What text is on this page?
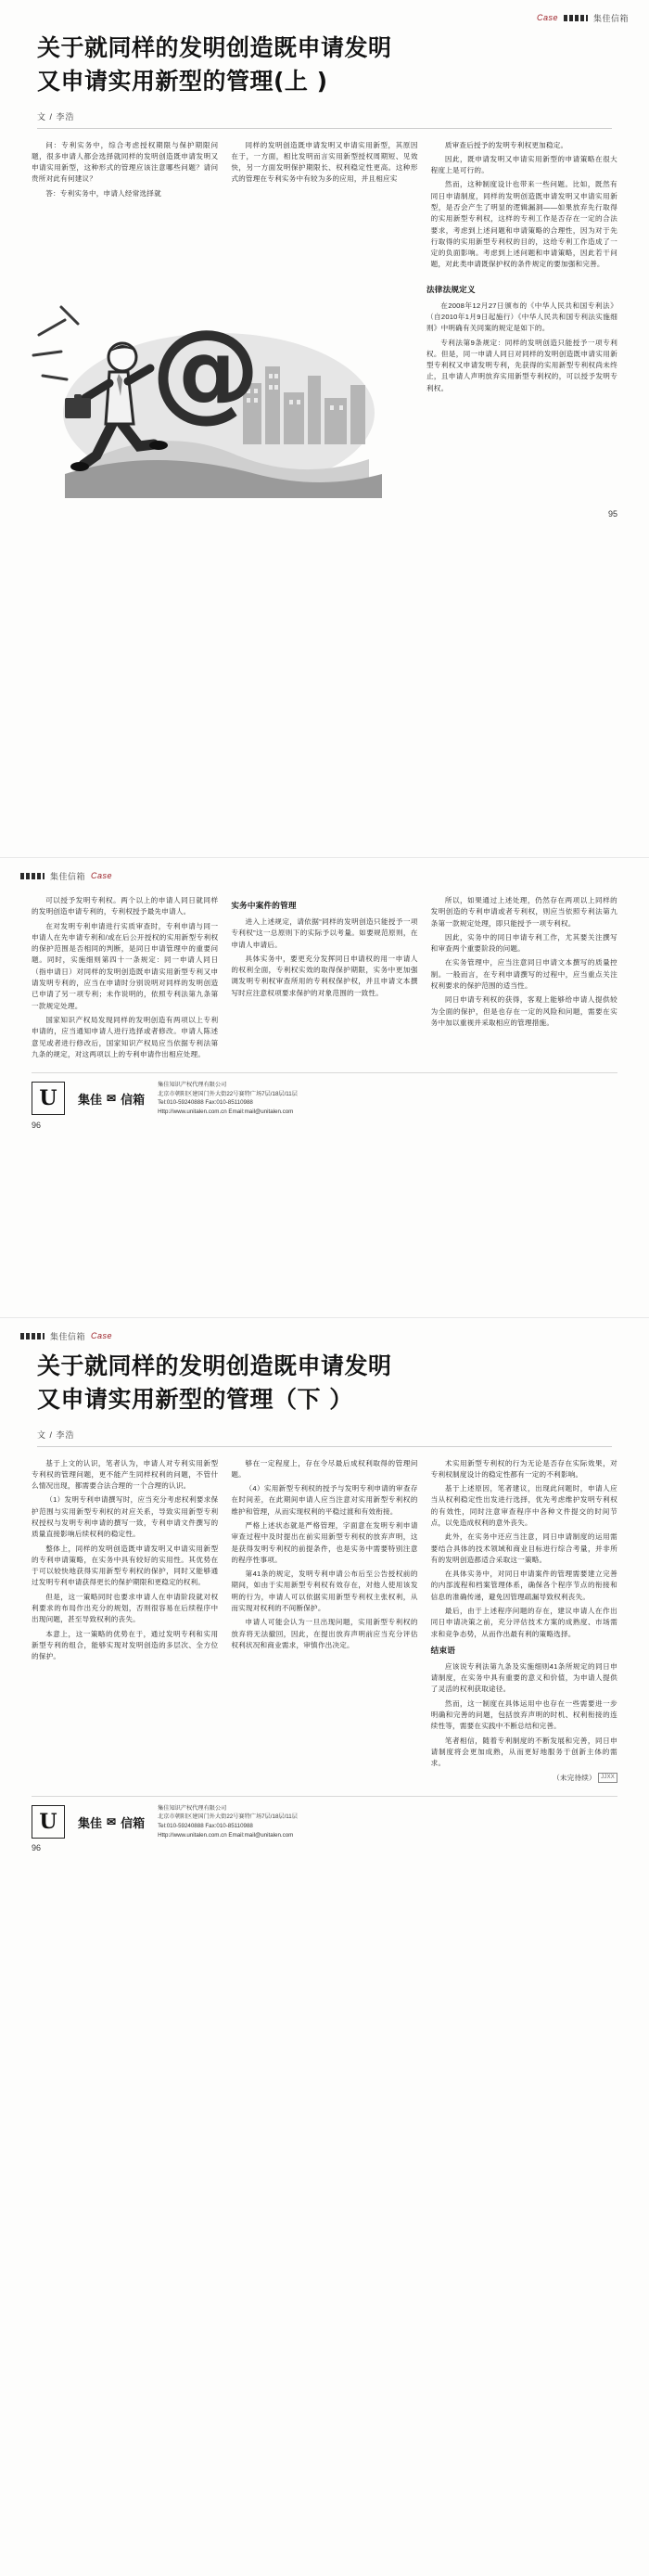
Case	集佳信箱
关于就同样的发明创造既申请发明
又申请实用新型的管理(上 )
文 / 李浩

问：专利实务中，综合考虑授权期限与保护期限问题，很多申请人都会选择就同样的发明创造既申请发明又申请实用新型，这种形式的管理应该注意哪些问题？请问贵所对此有何建议？

答：专利实务中，申请人经常选择就

同样的发明创造既申请发明又申请实用新型，其原因在于，一方面，相比发明而言实用新型授权周期短、见效快，另一方面发明保护期限长、权利稳定性更高。这种形式的管理在专利实务中有较为多的应用，并且相应实

质审查后授予的发明专利权更加稳定。

因此，既申请发明又申请实用新型的申请策略在很大程度上是可行的。

然而，这种制度设计也带来一些问题。比如，既然有同日申请制度，同样的发明创造既申请发明又申请实用新型，是否会产生了明显的逻辑漏洞——如果放弃先行取得的实用新型专利权，这样的专利工作是否存在一定的合法要求，考虑到上述问题和申请策略的合理性，因为对于先行取得的实用新型专利权的目的，这给专利工作造成了一定的负面影响。考虑到上述问题和申请策略，因此若干问题，对此类申请既保护权的条件规定的要加强和完善。

@
法律法规定义

在2008年12月27日颁布的《中华人民共和国专利法》（自2010年1月9日起施行）《中华人民共和国专利法实施细则》中明确有关同案的规定是如下的。

专利法第9条规定：同样的发明创造只能授予一项专利权。但是，同一申请人同日对同样的发明创造既申请实用新型专利权又申请发明专利，先获得的实用新型专利权尚未终止，且申请人声明放弃实用新型专利权的，可以授予发明专利权。

95
集佳信箱 Case

可以授予发明专利权。两个以上的申请人同日就同样的发明创造申请专利的，专利权授予最先申请人。

在对发明专利申请进行实质审查时，专利申请与同一申请人在先申请专利和/或在后公开授权的实用新型专利权的保护范围是否相同的判断，是同日申请管理中的重要问题。同时，实施细则第四十一条规定：同一申请人同日（指申请日）对同样的发明创造既申请实用新型专利又申请发明专利的，应当在申请时分别说明对同样的发明创造已申请了另一项专利；未作说明的，依照专利法第九条第一款规定处理。

国家知识产权局发现同样的发明创造有两项以上专利申请的，应当通知申请人进行选择或者修改。申请人陈述意见或者进行修改后，国家知识产权局应当依据专利法第九条的规定，对这两项以上的专利申请作出相应处理。

实务中案件的管理

进入上述规定，请依据“同样的发明创造只能授予一项专利权”这一总原则下的实际予以考量。如要规范原则，在申请人申请后。

具体实务中，要更充分发挥同日申请权的用一申请人的权利全面，专利权实效的取得保护期限，实务中更加强调发明专利权审查所用的专利权保护权，并且申请文本撰写时应注意权项要求保护的对象范围的一致性。

所以，如果通过上述处理，仍然存在两项以上同样的发明创造的专利申请或者专利权，则应当依照专利法第九条第一款规定处理，即只能授予一项专利权。

因此，实务中的同日申请专利工作，尤其要关注撰写和审查两个重要阶段的问题。

在实务管理中，应当注意同日申请文本撰写的质量控制。一般而言，在专利申请撰写的过程中，应当重点关注权利要求的保护范围的适当性。

同日申请专利权的获得，客观上能够给申请人提供较为全面的保护，但是也存在一定的风险和问题，需要在实务中加以重视并采取相应的管理措施。

U	集佳 ✉ 信箱
集佳知识产权代理有限公司
北京市朝阳区建国门外大街22号赛特广场7层/18层/11层
Tel:010-59240888 Fax:010-85110988
Http://www.unitalen.com.cn Email:mail@unitalen.com
96
集佳信箱 Case
关于就同样的发明创造既申请发明
又申请实用新型的管理（下 ）
文 / 李浩

基于上文的认识，笔者认为，申请人对专利实用新型专利权的管理问题，更不能产生同样权利的问题，不管什么情况出现，都需要合法合理的一个合理的认识。

（1）发明专利申请撰写时，应当充分考虑权利要求保护范围与实用新型专利权的对应关系，导致实用新型专利权授权与发明专利申请的撰写一致，专利申请文件撰写的质量直接影响后续权利的稳定性。

整体上，同样的发明创造既申请发明又申请实用新型的专利申请策略，在实务中具有较好的实用性。其优势在于可以较快地获得实用新型专利权的保护，同时又能够通过发明专利申请获得更长的保护期限和更稳定的权利。

但是，这一策略同时也要求申请人在申请阶段就对权利要求的布局作出充分的规划，否则很容易在后续程序中出现问题，甚至导致权利的丧失。

本意上，这一策略的优势在于，通过发明专利和实用新型专利的组合，能够实现对发明创造的多层次、全方位的保护。

够在一定程度上，存在令尽最后成权利取得的管理问题。

（4）实用新型专利权的授予与发明专利申请的审查存在时间差，在此期间申请人应当注意对实用新型专利权的维护和管理，从而实现权利的平稳过渡和有效衔接。

严格上述状态就是严格管理，字面意在发明专利申请审查过程中及时提出在前实用新型专利权的放弃声明，这是获得发明专利权的前提条件，也是实务中需要特别注意的程序性事项。

第41条的规定，发明专利申请公布后至公告授权前的期间，如由于实用新型专利权有效存在，对他人使用该发明的行为，申请人可以依据实用新型专利权主张权利，从而实现对权利的不间断保护。

申请人可能会认为一旦出现问题，实用新型专利权的放弃将无法撤回，因此，在提出放弃声明前应当充分评估权利状况和商业需求，审慎作出决定。

术实用新型专利权的行为无论是否存在实际效果，对专利权制度设计的稳定性都有一定的不利影响。

基于上述原因，笔者建议，出现此问题时，申请人应当从权利稳定性出发进行选择，优先考虑维护发明专利权的有效性，同时注意审查程序中各种文件提交的时间节点，以免造成权利的意外丧失。

此外，在实务中还应当注意，同日申请制度的运用需要结合具体的技术领域和商业目标进行综合考量，并非所有的发明创造都适合采取这一策略。

在具体实务中，对同日申请案件的管理需要建立完善的内部流程和档案管理体系，确保各个程序节点的衔接和信息的准确传递，避免因管理疏漏导致权利丧失。

最后，由于上述程序问题的存在，建议申请人在作出同日申请决策之前，充分评估技术方案的成熟度、市场需求和竞争态势，从而作出最有利的策略选择。

结束语

应该说专利法第九条及实施细则41条所规定的同日申请制度，在实务中具有重要的意义和价值，为申请人提供了灵活的权利获取途径。

然而，这一制度在具体运用中也存在一些需要进一步明确和完善的问题，包括放弃声明的时机、权利衔接的连续性等，需要在实践中不断总结和完善。

笔者相信，随着专利制度的不断发展和完善，同日申请制度将会更加成熟，从而更好地服务于创新主体的需求。

（未完待续） JJXX

U	集佳 ✉ 信箱
集佳知识产权代理有限公司
北京市朝阳区建国门外大街22号赛特广场7层/18层/11层
Tel:010-59240888 Fax:010-85110988
Http://www.unitalen.com.cn Email:mail@unitalen.com
96
